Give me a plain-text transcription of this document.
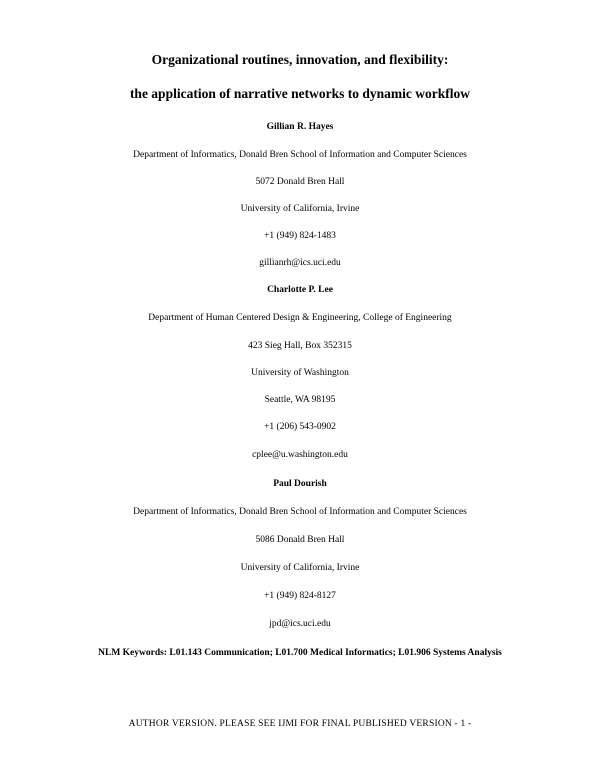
Organizational routines, innovation, and flexibility:
the application of narrative networks to dynamic workflow
Gillian R. Hayes
Department of Informatics, Donald Bren School of Information and Computer Sciences
5072 Donald Bren Hall
University of California, Irvine
+1 (949) 824-1483
gillianrh@ics.uci.edu
Charlotte P. Lee
Department of Human Centered Design & Engineering, College of Engineering
423 Sieg Hall, Box 352315
University of Washington
Seattle, WA 98195
+1 (206) 543-0902
cplee@u.washington.edu
Paul Dourish
Department of Informatics, Donald Bren School of Information and Computer Sciences
5086 Donald Bren Hall
University of California, Irvine
+1 (949) 824-8127
jpd@ics.uci.edu
NLM Keywords: L01.143 Communication; L01.700 Medical Informatics; L01.906 Systems Analysis
AUTHOR VERSION. PLEASE SEE IJMI FOR FINAL PUBLISHED VERSION - 1 -
